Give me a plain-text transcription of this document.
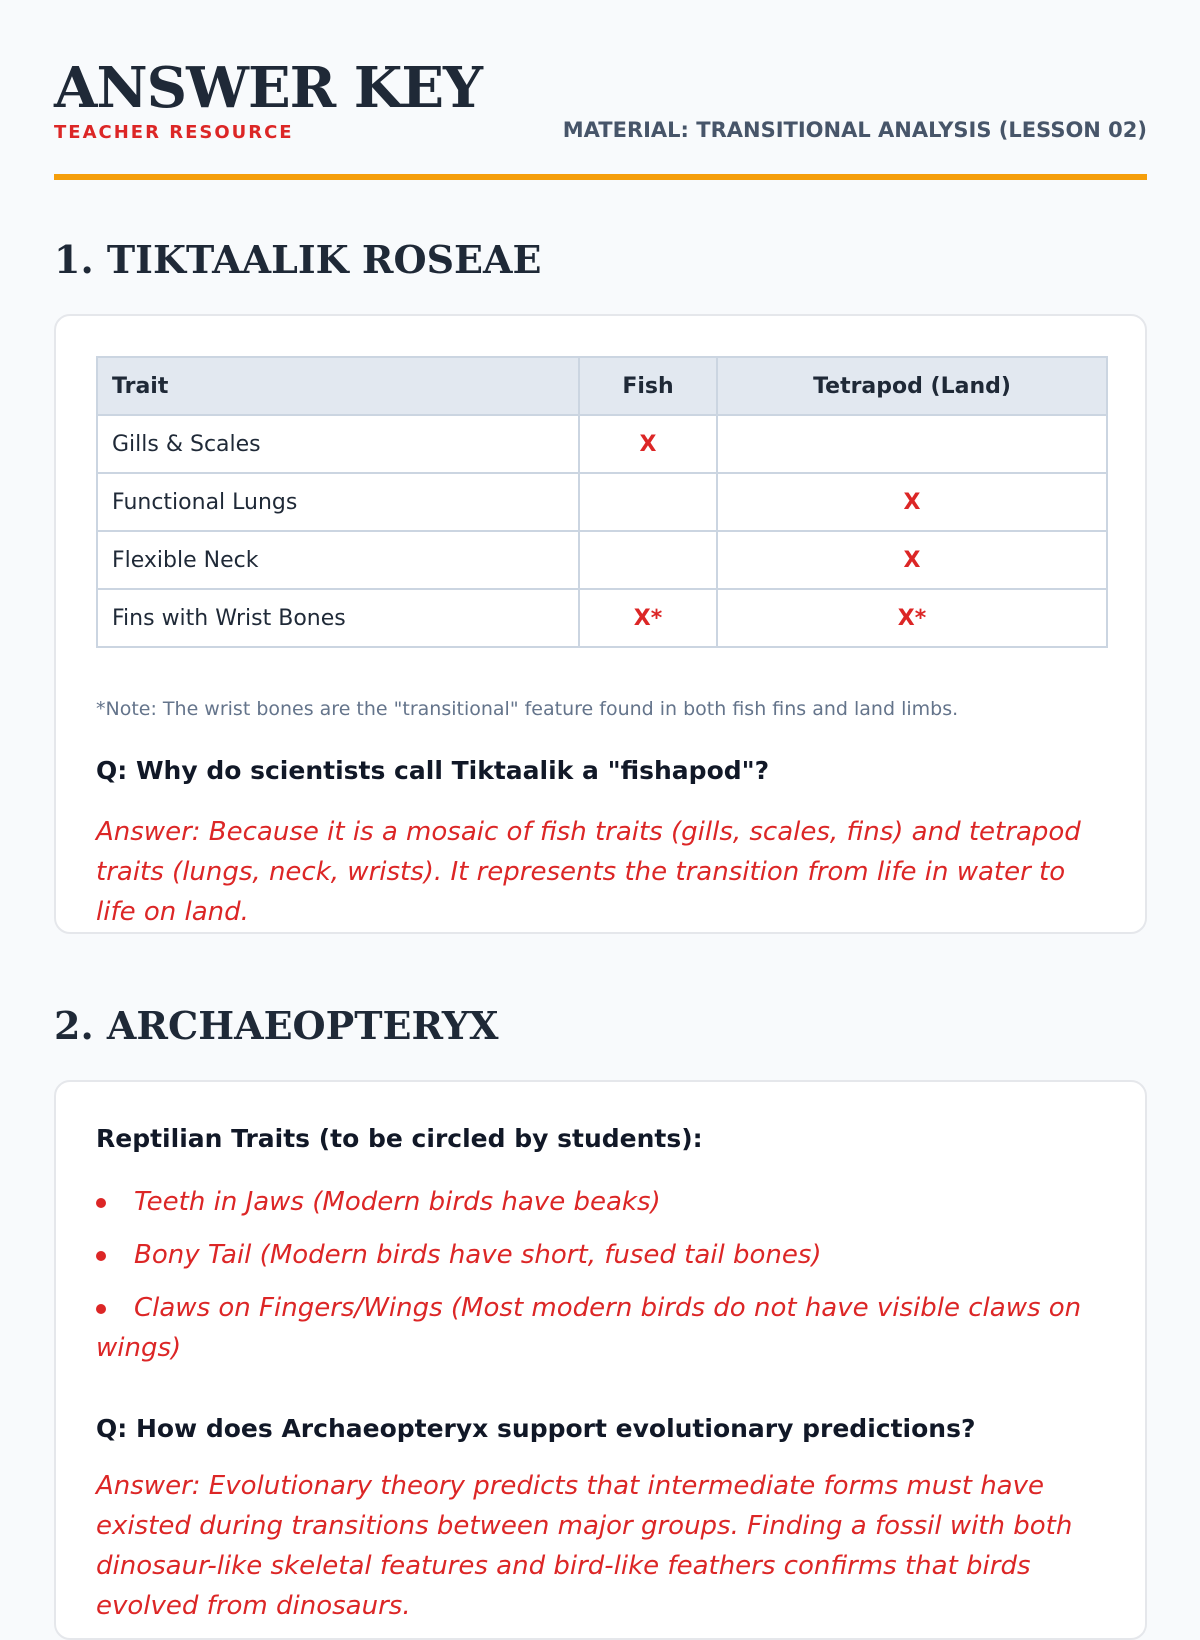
ANSWER KEY
TEACHER RESOURCE	MATERIAL: TRANSITIONAL ANALYSIS (LESSON 02)
1. TIKTAALIK ROSEAE
Trait	Fish	Tetrapod (Land)
Gills & Scales	X	
Functional Lungs		X
Flexible Neck		X
Fins with Wrist Bones	X*	X*
*Note: The wrist bones are the "transitional" feature found in both fish fins and land limbs.

Q: Why do scientists call Tiktaalik a "fishapod"?

Answer: Because it is a mosaic of fish traits (gills, scales, fins) and tetrapod traits (lungs, neck, wrists). It represents the transition from life in water to life on land.

2. ARCHAEOPTERYX

Reptilian Traits (to be circled by students):

Teeth in Jaws (Modern birds have beaks)
Bony Tail (Modern birds have short, fused tail bones)
Claws on Fingers/Wings (Most modern birds do not have visible claws on wings)

Q: How does Archaeopteryx support evolutionary predictions?

Answer: Evolutionary theory predicts that intermediate forms must have existed during transitions between major groups. Finding a fossil with both dinosaur-like skeletal features and bird-like feathers confirms that birds evolved from dinosaurs.
